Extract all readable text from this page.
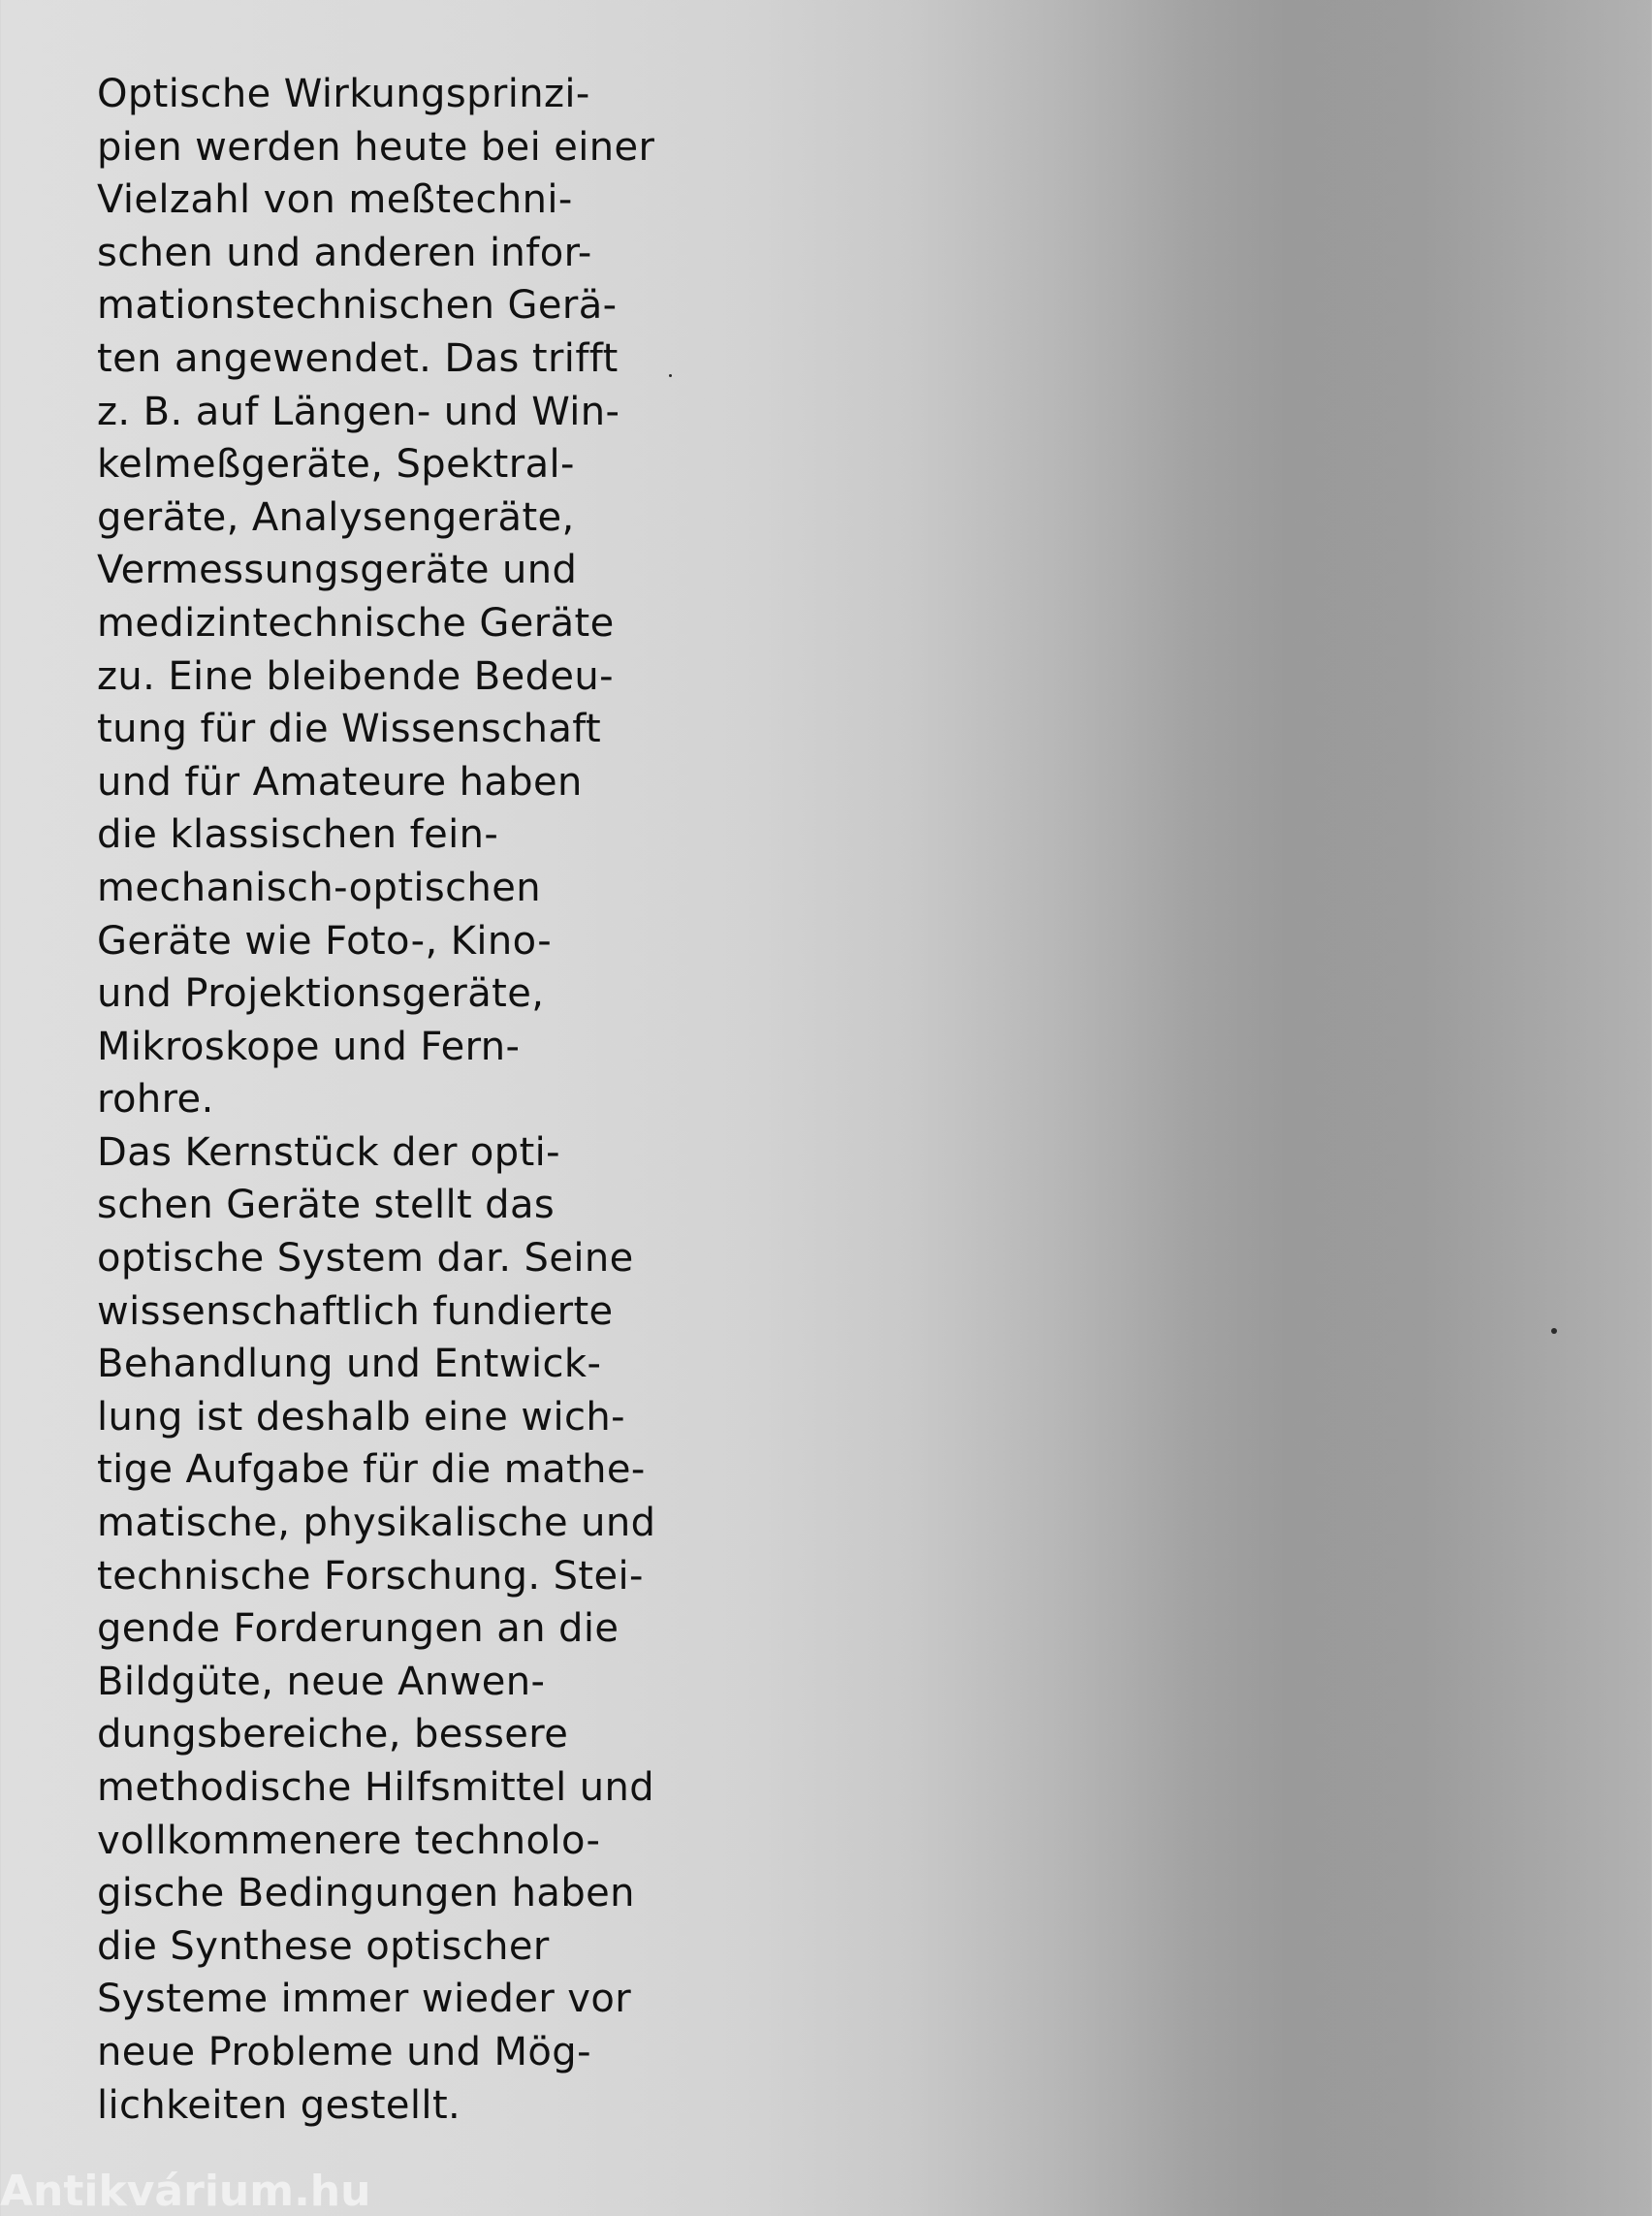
Optische Wirkungsprinzi-
pien werden heute bei einer
Vielzahl von meßtechni-
schen und anderen infor-
mationstechnischen Gerä-
ten angewendet. Das trifft
z. B. auf Längen- und Win-
kelmeßgeräte, Spektral-
geräte, Analysengeräte,
Vermessungsgeräte und
medizintechnische Geräte
zu. Eine bleibende Bedeu-
tung für die Wissenschaft
und für Amateure haben
die klassischen fein-
mechanisch-optischen
Geräte wie Foto-, Kino-
und Projektionsgeräte,
Mikroskope und Fern-
rohre.
Das Kernstück der opti-
schen Geräte stellt das
optische System dar. Seine
wissenschaftlich fundierte
Behandlung und Entwick-
lung ist deshalb eine wich-
tige Aufgabe für die mathe-
matische, physikalische und
technische Forschung. Stei-
gende Forderungen an die
Bildgüte, neue Anwen-
dungsbereiche, bessere
methodische Hilfsmittel und
vollkommenere technolo-
gische Bedingungen haben
die Synthese optischer
Systeme immer wieder vor
neue Probleme und Mög-
lichkeiten gestellt.
Antikvárium.hu
